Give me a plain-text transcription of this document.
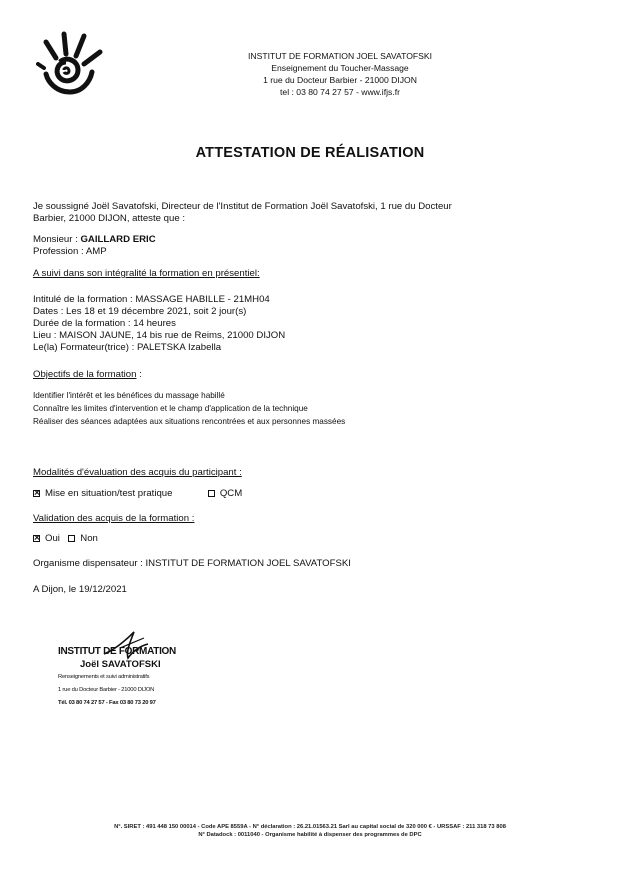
INSTITUT DE FORMATION JOEL SAVATOFSKI
Enseignement du Toucher-Massage
1 rue du Docteur Barbier - 21000 DIJON
tel : 03 80 74 27 57 - www.ifjs.fr
ATTESTATION DE RÉALISATION
Je soussigné Joël Savatofski, Directeur de l'Institut de Formation Joël Savatofski, 1 rue du Docteur
Barbier, 21000 DIJON, atteste que :
Monsieur : GAILLARD ERIC
Profession : AMP
A suivi dans son intégralité la formation en présentiel:
Intitulé de la formation : MASSAGE HABILLE - 21MH04
Dates : Les 18 et 19 décembre 2021, soit 2 jour(s)
Durée de la formation : 14 heures
Lieu : MAISON JAUNE, 14 bis rue de Reims, 21000 DIJON
Le(la) Formateur(trice) : PALETSKA Izabella
Objectifs de la formation :
Identifier l'intérêt et les bénéfices du massage habillé
Connaître les limites d'intervention et le champ d'application de la technique
Réaliser des séances adaptées aux situations rencontrées et aux personnes massées
Modalités d'évaluation des acquis du participant :
Mise en situation/test pratique	QCM
Validation des acquis de la formation :
Oui Non
Organisme dispensateur : INSTITUT DE FORMATION JOEL SAVATOFSKI
A Dijon, le 19/12/2021
INSTITUT DE FORMATION
Joël SAVATOFSKI
Renseignements et suivi administratifs
1 rue du Docteur Barbier - 21000 DIJON
Tél. 03 80 74 27 57 - Fax 03 80 73 20 97
N°. SIRET : 491 448 150 00014 - Code APE 8559A - N° déclaration : 26.21.01563.21 Sarl au capital social de 320 000 € - URSSAF : 211 318 73 808
N° Datadock : 0011040 - Organisme habilité à dispenser des programmes de DPC
